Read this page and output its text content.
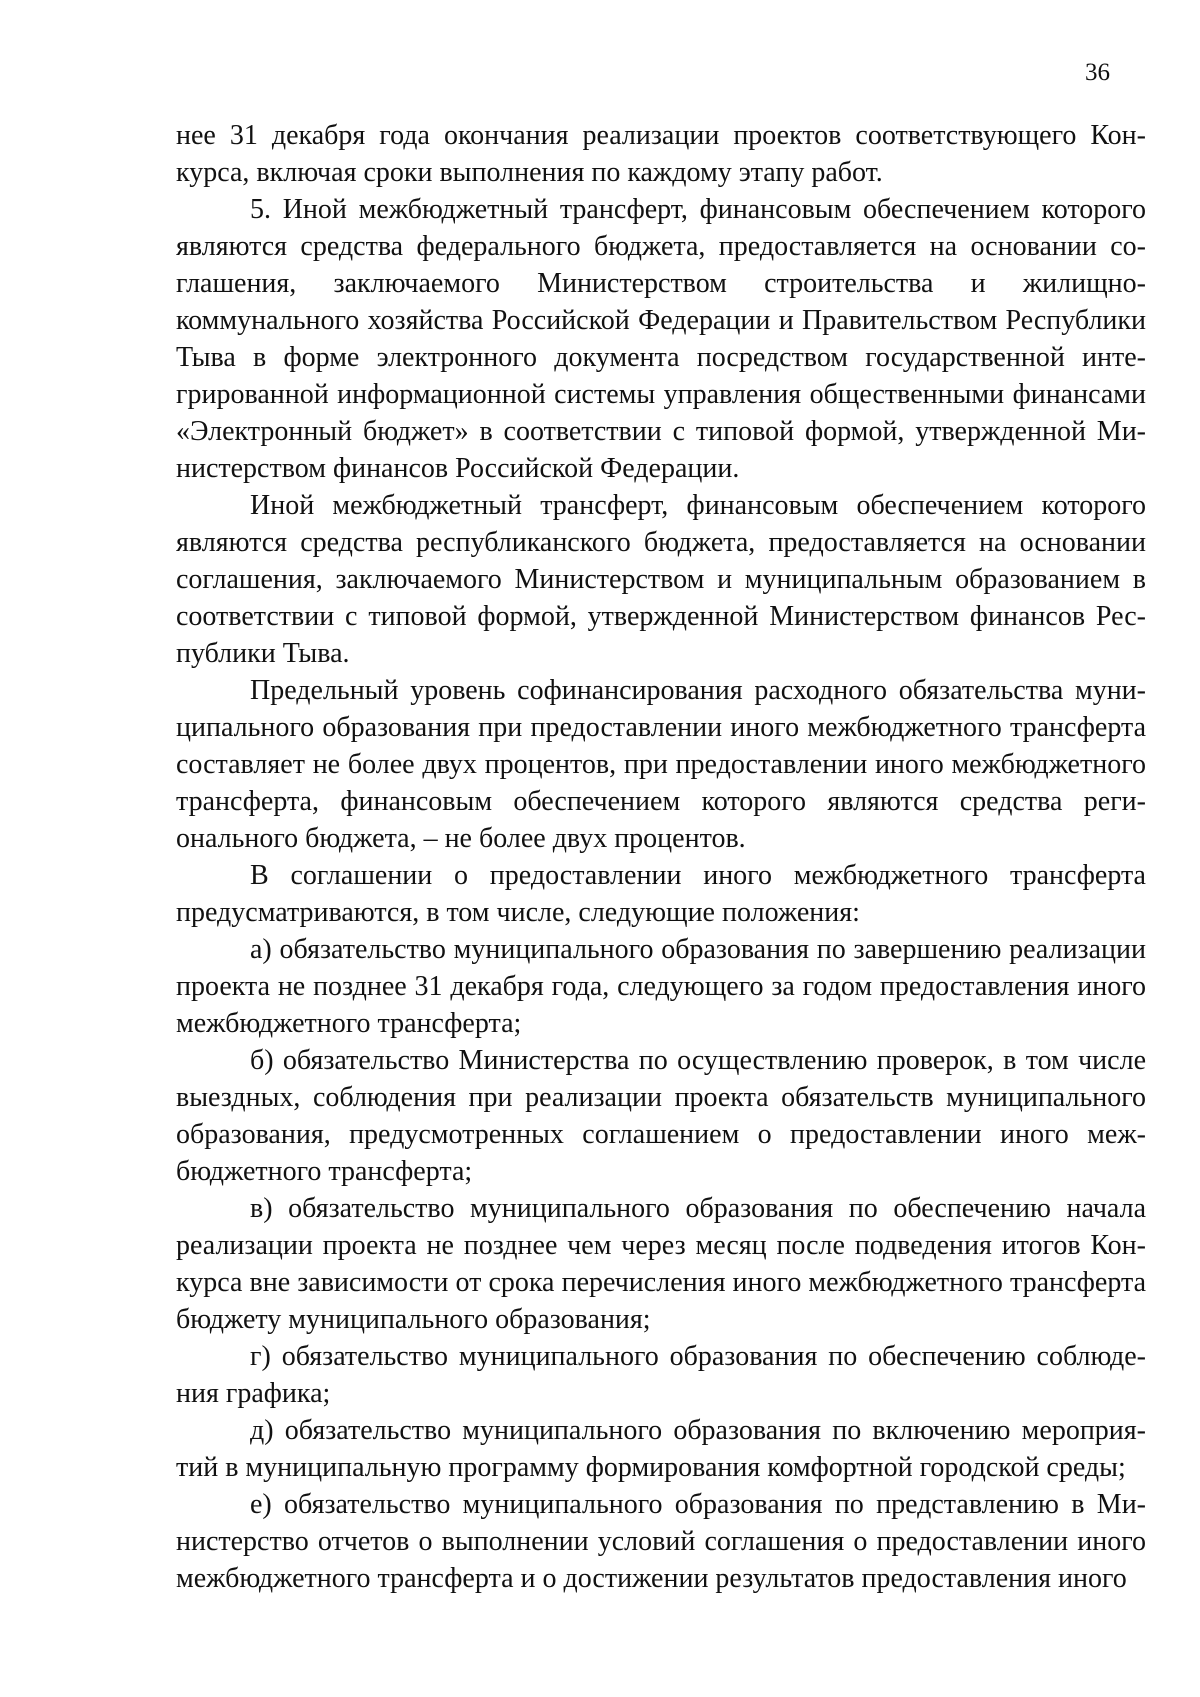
36

нее 31 декабря года окончания реализации проектов соответствующего Конкурса, включая сроки выполнения по каждому этапу работ.

5. Иной межбюджетный трансферт, финансовым обеспечением которого являются средства федерального бюджета, предоставляется на основании соглашения, заключаемого Министерством строительства и жилищно-коммунального хозяйства Российской Федерации и Правительством Республики Тыва в форме электронного документа посредством государственной интегрированной информационной системы управления общественными финансами «Электронный бюджет» в соответствии с типовой формой, утвержденной Министерством финансов Российской Федерации.

Иной межбюджетный трансферт, финансовым обеспечением которого являются средства республиканского бюджета, предоставляется на основании соглашения, заключаемого Министерством и муниципальным образованием в соответствии с типовой формой, утвержденной Министерством финансов Республики Тыва.

Предельный уровень софинансирования расходного обязательства муниципального образования при предоставлении иного межбюджетного трансферта составляет не более двух процентов, при предоставлении иного межбюджетного трансферта, финансовым обеспечением которого являются средства регионального бюджета, – не более двух процентов.

В соглашении о предоставлении иного межбюджетного трансферта предусматриваются, в том числе, следующие положения:

а) обязательство муниципального образования по завершению реализации проекта не позднее 31 декабря года, следующего за годом предоставления иного межбюджетного трансферта;

б) обязательство Министерства по осуществлению проверок, в том числе выездных, соблюдения при реализации проекта обязательств муниципального образования, предусмотренных соглашением о предоставлении иного межбюджетного трансферта;

в) обязательство муниципального образования по обеспечению начала реализации проекта не позднее чем через месяц после подведения итогов Конкурса вне зависимости от срока перечисления иного межбюджетного трансферта бюджету муниципального образования;

г) обязательство муниципального образования по обеспечению соблюдения графика;

д) обязательство муниципального образования по включению мероприятий в муниципальную программу формирования комфортной городской среды;

е) обязательство муниципального образования по представлению в Министерство отчетов о выполнении условий соглашения о предоставлении иного межбюджетного трансферта и о достижении результатов предоставления иного
